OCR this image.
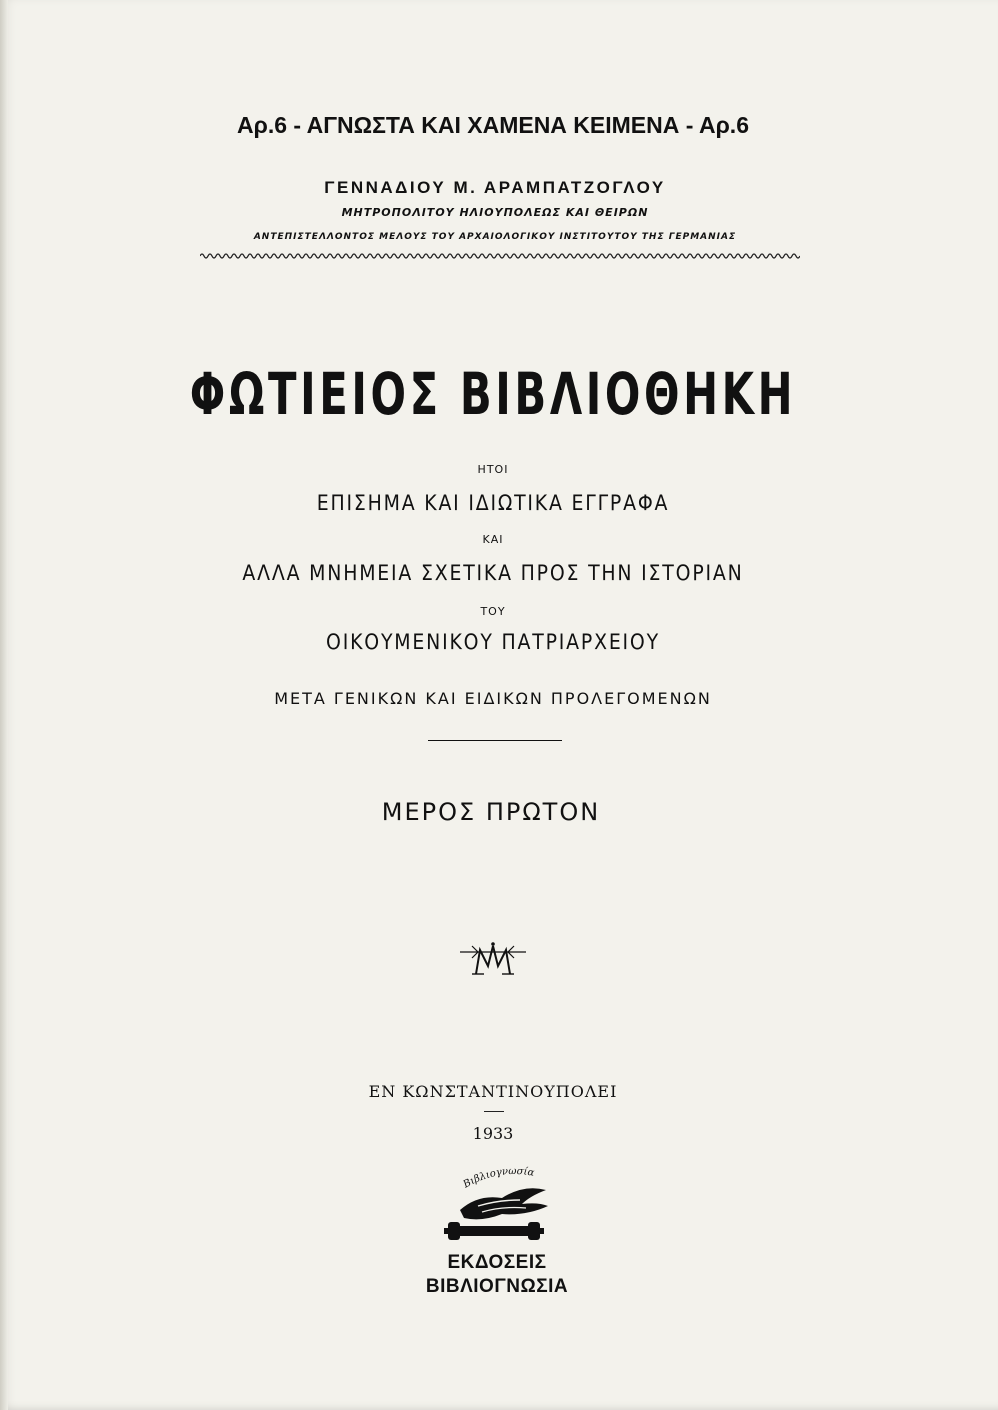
Αρ.6 - ΑΓΝΩΣΤΑ ΚΑΙ ΧΑΜΕΝΑ ΚΕΙΜΕΝΑ - Αρ.6

ΓΕΝΝΑΔΙΟΥ Μ. ΑΡΑΜΠΑΤΖΟΓΛΟΥ

ΜΗΤΡΟΠΟΛΙΤΟΥ ΗΛΙΟΥΠΟΛΕΩΣ ΚΑΙ ΘΕΙΡΩΝ

ΑΝΤΕΠΙΣΤΕΛΛΟΝΤΟΣ ΜΕΛΟΥΣ ΤΟΥ ΑΡΧΑΙΟΛΟΓΙΚΟΥ ΙΝΣΤΙΤΟΥΤΟΥ ΤΗΣ ΓΕΡΜΑΝΙΑΣ

ΦΩΤΙΕΙΟΣ ΒΙΒΛΙΟΘΗΚΗ

ΗΤΟΙ

ΕΠΙΣΗΜΑ ΚΑΙ ΙΔΙΩΤΙΚΑ ΕΓΓΡΑΦΑ

ΚΑΙ

ΑΛΛΑ ΜΝΗΜΕΙΑ ΣΧΕΤΙΚΑ ΠΡΟΣ ΤΗΝ ΙΣΤΟΡΙΑΝ

ΤΟΥ

ΟΙΚΟΥΜΕΝΙΚΟΥ ΠΑΤΡΙΑΡΧΕΙΟΥ

ΜΕΤΑ ΓΕΝΙΚΩΝ ΚΑΙ ΕΙΔΙΚΩΝ ΠΡΟΛΕΓΟΜΕΝΩΝ

ΜΕΡΟΣ ΠΡΩΤΟΝ

ΕΝ ΚΩΝΣΤΑΝΤΙΝΟΥΠΟΛΕΙ

1933

Βιβλιογνωσία

ΕΚΔΟΣΕΙΣ

ΒΙΒΛΙΟΓΝΩΣΙΑ
